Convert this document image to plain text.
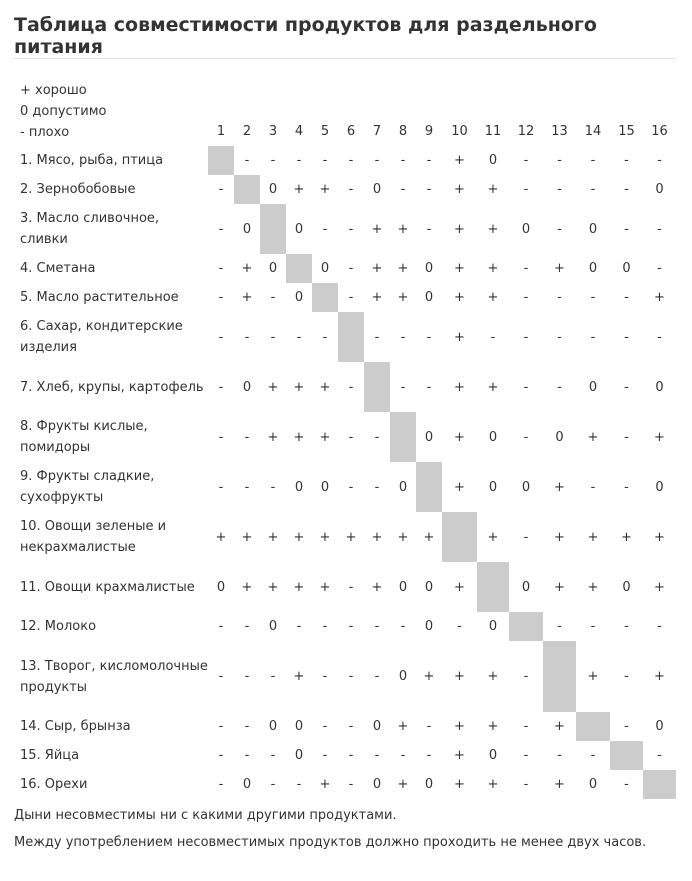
Таблица совместимости продуктов для раздельного питания
+ хорошо
0 допустимо
- плохо	1	2	3	4	5	6	7	8	9	10	11	12	13	14	15	16
1. Мясо, рыба, птица		-	-	-	-	-	-	-	-	+	0	-	-	-	-	-
2. Зернобобовые	-		0	+	+	-	0	-	-	+	+	-	-	-	-	0
3. Масло сливочное, сливки	-	0		0	-	-	+	+	-	+	+	0	-	0	-	-
4. Сметана	-	+	0		0	-	+	+	0	+	+	-	+	0	0	-
5. Масло растительное	-	+	-	0		-	+	+	0	+	+	-	-	-	-	+
6. Сахар, кондитерские изделия	-	-	-	-	-		-	-	-	+	-	-	-	-	-	-
7. Хлеб, крупы, картофель	-	0	+	+	+	-		-	-	+	+	-	-	0	-	0
8. Фрукты кислые, помидоры	-	-	+	+	+	-	-		0	+	0	-	0	+	-	+
9. Фрукты сладкие, сухофрукты	-	-	-	0	0	-	-	0		+	0	0	+	-	-	0
10. Овощи зеленые и некрахмалистые	+	+	+	+	+	+	+	+	+		+	-	+	+	+	+
11. Овощи крахмалистые	0	+	+	+	+	-	+	0	0	+		0	+	+	0	+
12. Молоко	-	-	0	-	-	-	-	-	0	-	0		-	-	-	-
13. Творог, кисломолочные продукты	-	-	-	+	-	-	-	0	+	+	+	-		+	-	+
14. Сыр, брынза	-	-	0	0	-	-	0	+	-	+	+	-	+		-	0
15. Яйца	-	-	-	0	-	-	-	-	-	+	0	-	-	-		-
16. Орехи	-	0	-	-	+	-	0	+	0	+	+	-	+	0	-	

Дыни несовместимы ни с какими другими продуктами.

Между употреблением несовместимых продуктов должно проходить не менее двух часов.
